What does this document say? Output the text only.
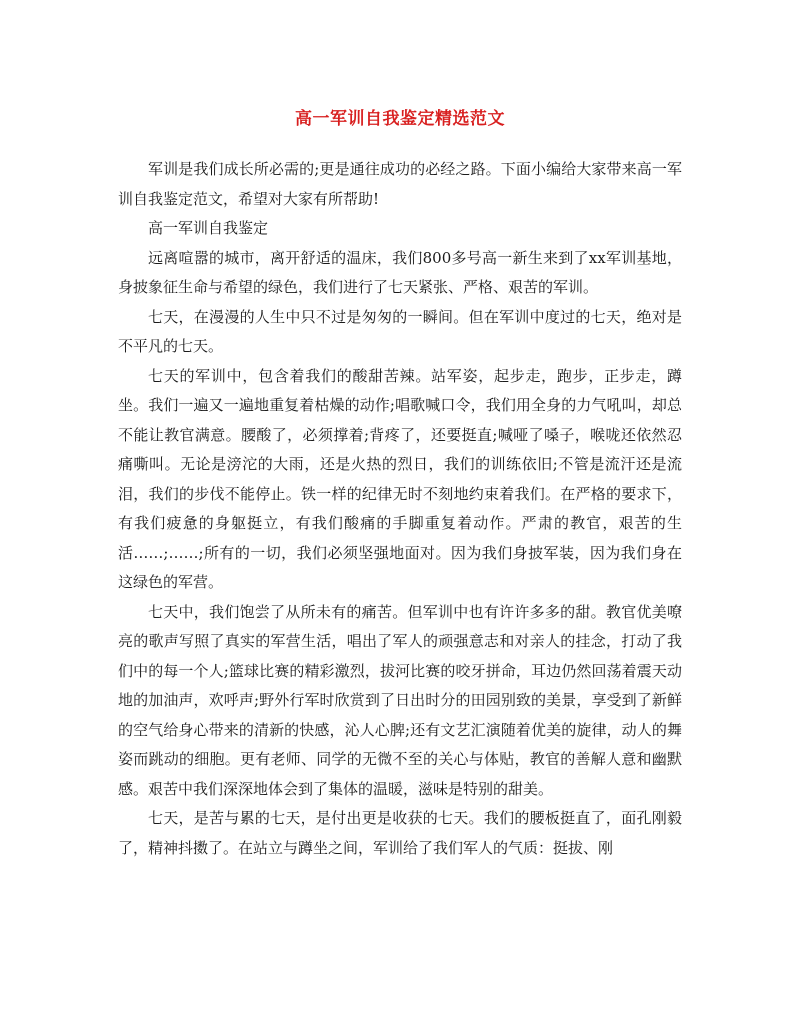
高一军训自我鉴定精选范文

军训是我们成长所必需的;更是通往成功的必经之路。下面小编给大家带来高一军训自我鉴定范文，希望对大家有所帮助!

高一军训自我鉴定

远离喧嚣的城市，离开舒适的温床，我们800多号高一新生来到了xx军训基地，身披象征生命与希望的绿色，我们进行了七天紧张、严格、艰苦的军训。

七天，在漫漫的人生中只不过是匆匆的一瞬间。但在军训中度过的七天，绝对是不平凡的七天。

七天的军训中，包含着我们的酸甜苦辣。站军姿，起步走，跑步，正步走，蹲坐。我们一遍又一遍地重复着枯燥的动作;唱歌喊口令，我们用全身的力气吼叫，却总不能让教官满意。腰酸了，必须撑着;背疼了，还要挺直;喊哑了嗓子，喉咙还依然忍痛嘶叫。无论是滂沱的大雨，还是火热的烈日，我们的训练依旧;不管是流汗还是流泪，我们的步伐不能停止。铁一样的纪律无时不刻地约束着我们。在严格的要求下，有我们疲惫的身躯挺立，有我们酸痛的手脚重复着动作。严肃的教官，艰苦的生活……;……;所有的一切，我们必须坚强地面对。因为我们身披军装，因为我们身在这绿色的军营。

七天中，我们饱尝了从所未有的痛苦。但军训中也有许许多多的甜。教官优美嘹亮的歌声写照了真实的军营生活，唱出了军人的顽强意志和对亲人的挂念，打动了我们中的每一个人;篮球比赛的精彩激烈，拔河比赛的咬牙拼命，耳边仍然回荡着震天动地的加油声，欢呼声;野外行军时欣赏到了日出时分的田园别致的美景，享受到了新鲜的空气给身心带来的清新的快感，沁人心脾;还有文艺汇演随着优美的旋律，动人的舞姿而跳动的细胞。更有老师、同学的无微不至的关心与体贴，教官的善解人意和幽默感。艰苦中我们深深地体会到了集体的温暖，滋味是特别的甜美。

七天，是苦与累的七天，是付出更是收获的七天。我们的腰板挺直了，面孔刚毅了，精神抖擞了。在站立与蹲坐之间，军训给了我们军人的气质：挺拔、刚
